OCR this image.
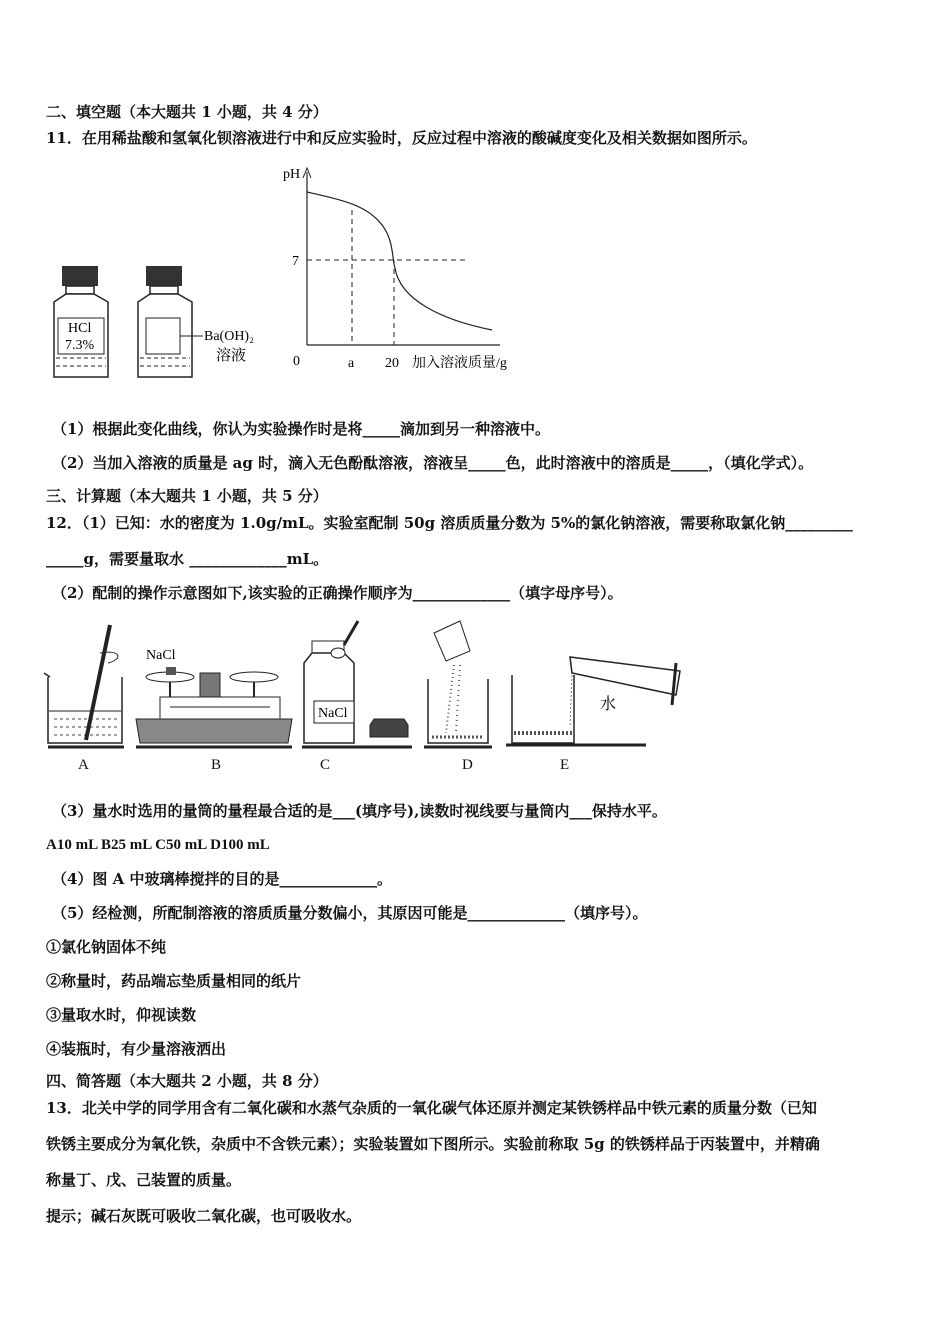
二、填空题（本大题共 1 小题，共 4 分）
11．在用稀盐酸和氢氧化钡溶液进行中和反应实验时，反应过程中溶液的酸碱度变化及相关数据如图所示。
HCl
7.3%
Ba(OH)₂
溶液
pH
7
0	a 20 加入溶液质量/g
（1）根据此变化曲线，你认为实验操作时是将_____滴加到另一种溶液中。
（2）当加入溶液的质量是 ag 时，滴入无色酚酞溶液，溶液呈_____色，此时溶液中的溶质是_____，（填化学式）。
三、计算题（本大题共 1 小题，共 5 分）
12．（1）已知：水的密度为 1.0g/mL。实验室配制 50g 溶质质量分数为 5%的氯化钠溶液，需要称取氯化钠_________
_____g，需要量取水 _____________mL。
（2）配制的操作示意图如下,该实验的正确操作顺序为_____________（填字母序号）。
NaCl
NaCl
水
A	B	C	D	E
（3）量水时选用的量筒的量程最合适的是___(填序号),读数时视线要与量筒内___保持水平。
A10 mL B25 mL C50 mL D100 mL
（4）图 A 中玻璃棒搅拌的目的是_____________。
（5）经检测，所配制溶液的溶质质量分数偏小，其原因可能是_____________（填序号）。
①氯化钠固体不纯
②称量时，药品端忘垫质量相同的纸片
③量取水时，仰视读数
④装瓶时，有少量溶液洒出
四、简答题（本大题共 2 小题，共 8 分）
13．北关中学的同学用含有二氧化碳和水蒸气杂质的一氧化碳气体还原并测定某铁锈样品中铁元素的质量分数（已知
铁锈主要成分为氧化铁，杂质中不含铁元素）；实验装置如下图所示。实验前称取 5g 的铁锈样品于丙装置中，并精确
称量丁、戊、己装置的质量。
提示；碱石灰既可吸收二氧化碳，也可吸收水。
